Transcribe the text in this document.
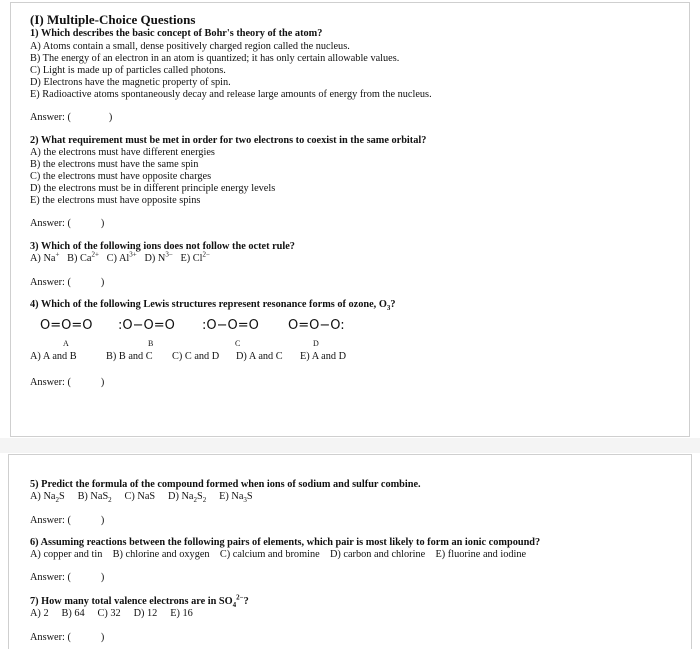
(I) Multiple-Choice Questions
1) Which describes the basic concept of Bohr's theory of the atom?
A) Atoms contain a small, dense positively charged region called the nucleus.
B) The energy of an electron in an atom is quantized; it has only certain allowable values.
C) Light is made up of particles called photons.
D) Electrons have the magnetic property of spin.
E) Radioactive atoms spontaneously decay and release large amounts of energy from the nucleus.
Answer: (	)
2) What requirement must be met in order for two electrons to coexist in the same orbital?
A) the electrons must have different energies
B) the electrons must have the same spin
C) the electrons must have opposite charges
D) the electrons must be in different principle energy levels
E) the electrons must have opposite spins
Answer: (	)
3) Which of the following ions does not follow the octet rule?
A) Na+ B) $Ca^{2+}$ C) $Al^{3+}$ D) $N^{3-}$ E) $Cl^{2-}$
Answer: (	)
4) Which of the following Lewis structures represent resonance forms of ozone, $O_3$?
O=O=O :O−O=O :O−O=O O=O−O:
A	B	C	D
A) A and B	B) B and C C) C and D D) A and C E) A and D
Answer: (	)
5) Predict the formula of the compound formed when ions of sodium and sulfur combine.
A) $Na_2S$ B) NaS$_2$ C) NaS D) $Na_2S_2$ E) $Na_3S$
Answer: (	)
6) Assuming reactions between the following pairs of elements, which pair is most likely to form an ionic compound?
A) copper and tin B) chlorine and oxygen C) calcium and bromine D) carbon and chlorine E) fluorine and iodine
Answer: (	)
7) How many total valence electrons are in $SO_4^{2-}$?
A) 2 B) 64 C) 32 D) 12 E) 16
Answer: (	)
